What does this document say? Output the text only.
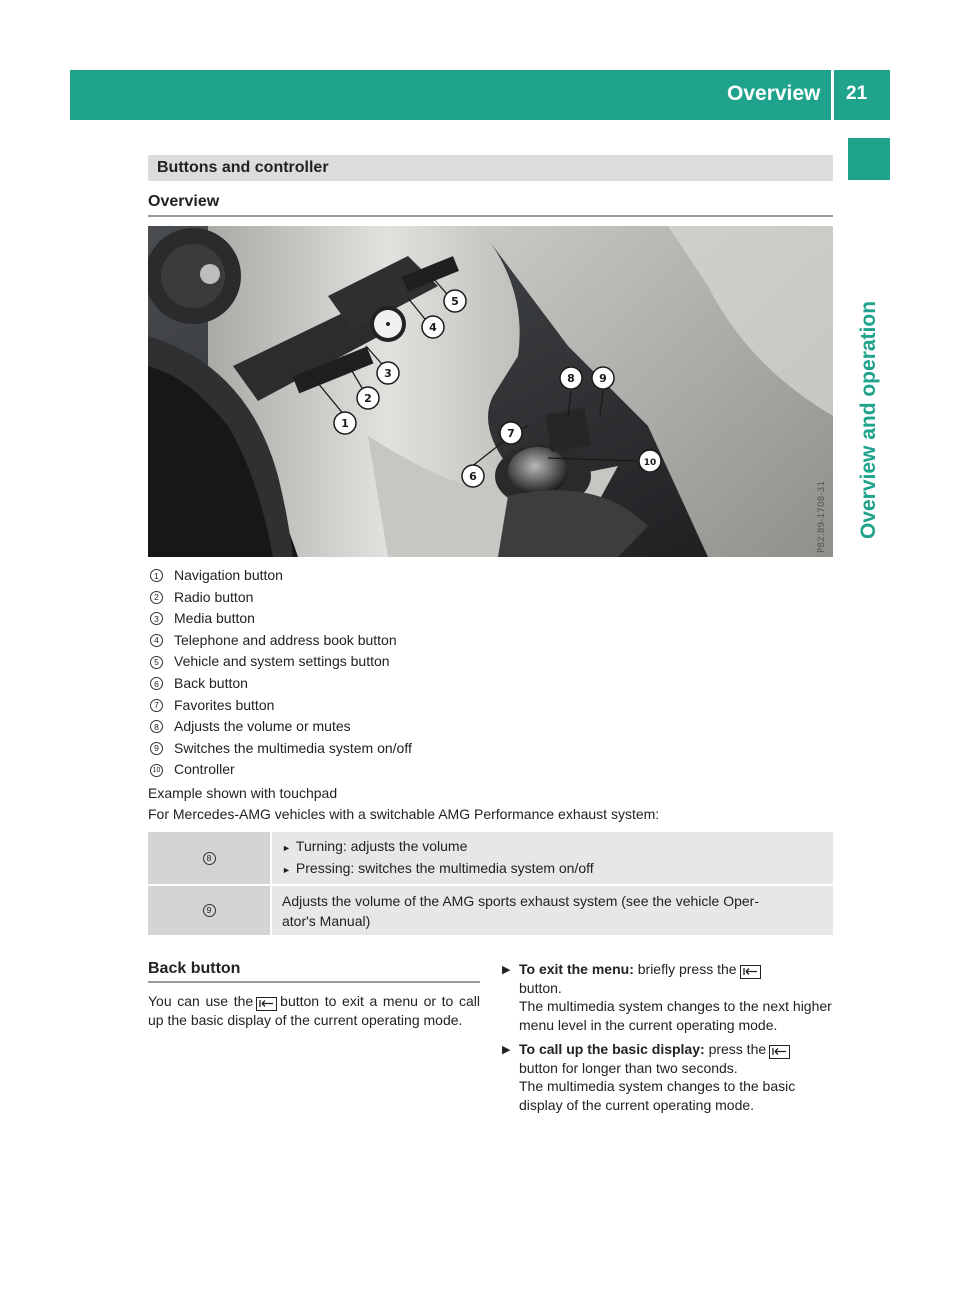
Overview 21
Overview and operation
Buttons and controller
Overview
P82.89-1708-31
1
2
3
4
5
6
7
8 9
10
1 Navigation button
2 Radio button
3 Media button
4 Telephone and address book button
5 Vehicle and system settings button
6 Back button
7 Favorites button
8 Adjusts the volume or mutes
9 Switches the multimedia system on/off
10 Controller
Example shown with touchpad
For Mercedes-AMG vehicles with a switchable AMG Performance exhaust system:
8

► Turning: adjusts the volume

► Pressing: switches the multimedia system on/off

9

Adjusts the volume of the AMG sports exhaust system (see the vehicle Oper-

ator's Manual)

Back button
You can use the button to exit a menu or to call up the basic display of the current operating mode.
▶ To exit the menu: briefly press the

button.
The multimedia system changes to the next higher menu level in the current operating mode.
▶ To call up the basic display: press the

button for longer than two seconds.
The multimedia system changes to the basic display of the current operating mode.
